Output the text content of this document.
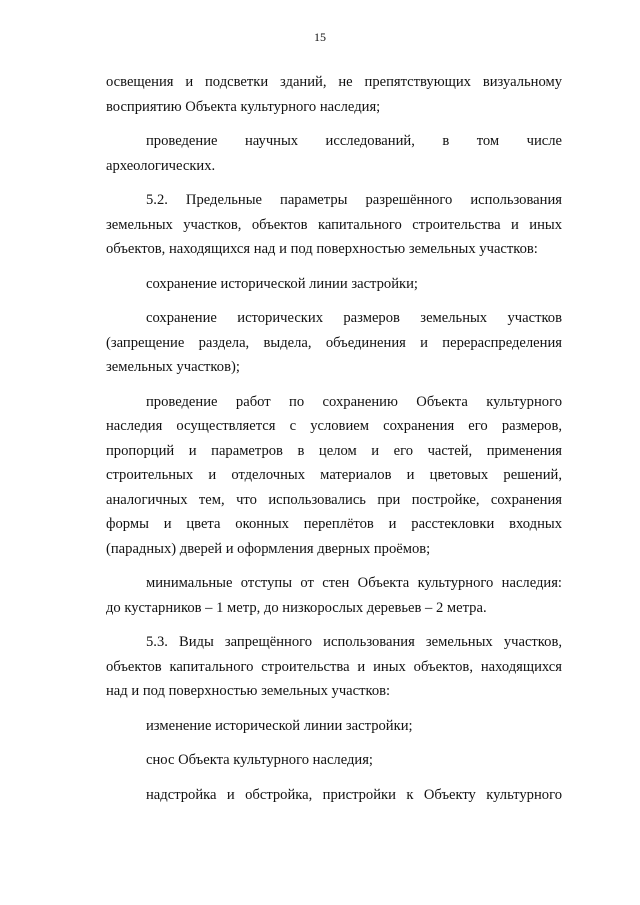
15
освещения и подсветки зданий, не препятствующих визуальному
восприятию Объекта культурного наследия;
проведение научных исследований, в том числе
археологических.
5.2. Предельные параметры разрешённого использования
земельных участков, объектов капитального строительства и иных
объектов, находящихся над и под поверхностью земельных участков:
сохранение исторической линии застройки;
сохранение исторических размеров земельных участков
(запрещение раздела, выдела, объединения и перераспределения
земельных участков);
проведение работ по сохранению Объекта культурного
наследия осуществляется с условием сохранения его размеров,
пропорций и параметров в целом и его частей, применения
строительных и отделочных материалов и цветовых решений,
аналогичных тем, что использовались при постройке, сохранения
формы и цвета оконных переплётов и расстекловки входных
(парадных) дверей и оформления дверных проёмов;
минимальные отступы от стен Объекта культурного наследия:
до кустарников – 1 метр, до низкорослых деревьев – 2 метра.
5.3. Виды запрещённого использования земельных участков,
объектов капитального строительства и иных объектов, находящихся
над и под поверхностью земельных участков:
изменение исторической линии застройки;
снос Объекта культурного наследия;
надстройка и обстройка, пристройки к Объекту культурного
